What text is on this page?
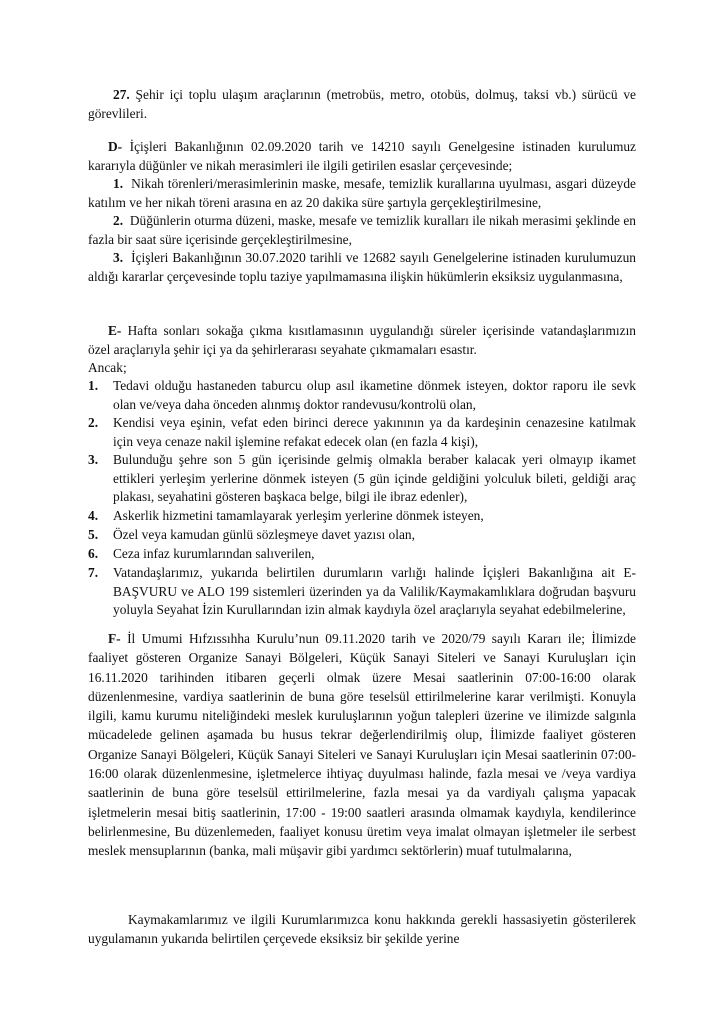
27. Şehir içi toplu ulaşım araçlarının (metrobüs, metro, otobüs, dolmuş, taksi vb.) sürücü ve görevlileri.

D- İçişleri Bakanlığının 02.09.2020 tarih ve 14210 sayılı Genelgesine istinaden kurulumuz kararıyla düğünler ve nikah merasimleri ile ilgili getirilen esaslar çerçevesinde;

1. Nikah törenleri/merasimlerinin maske, mesafe, temizlik kurallarına uyulması, asgari düzeyde katılım ve her nikah töreni arasına en az 20 dakika süre şartıyla gerçekleştirilmesine,

2. Düğünlerin oturma düzeni, maske, mesafe ve temizlik kuralları ile nikah merasimi şeklinde en fazla bir saat süre içerisinde gerçekleştirilmesine,

3. İçişleri Bakanlığının 30.07.2020 tarihli ve 12682 sayılı Genelgelerine istinaden kurulumuzun aldığı kararlar çerçevesinde toplu taziye yapılmamasına ilişkin hükümlerin eksiksiz uygulanmasına,

E- Hafta sonları sokağa çıkma kısıtlamasının uygulandığı süreler içerisinde vatandaşlarımızın özel araçlarıyla şehir içi ya da şehirlerarası seyahate çıkmamaları esastır.
Ancak;

1. Tedavi olduğu hastaneden taburcu olup asıl ikametine dönmek isteyen, doktor raporu ile sevk olan ve/veya daha önceden alınmış doktor randevusu/kontrolü olan,

2. Kendisi veya eşinin, vefat eden birinci derece yakınının ya da kardeşinin cenazesine katılmak için veya cenaze nakil işlemine refakat edecek olan (en fazla 4 kişi),

3. Bulunduğu şehre son 5 gün içerisinde gelmiş olmakla beraber kalacak yeri olmayıp ikamet ettikleri yerleşim yerlerine dönmek isteyen (5 gün içinde geldiğini yolculuk bileti, geldiği araç plakası, seyahatini gösteren başkaca belge, bilgi ile ibraz edenler),

4. Askerlik hizmetini tamamlayarak yerleşim yerlerine dönmek isteyen,

5. Özel veya kamudan günlü sözleşmeye davet yazısı olan,

6. Ceza infaz kurumlarından salıverilen,

7. Vatandaşlarımız, yukarıda belirtilen durumların varlığı halinde İçişleri Bakanlığına ait E-BAŞVURU ve ALO 199 sistemleri üzerinden ya da Valilik/Kaymakamlıklara doğrudan başvuru yoluyla Seyahat İzin Kurullarından izin almak kaydıyla özel araçlarıyla seyahat edebilmelerine,

F- İl Umumi Hıfzıssıhha Kurulu’nun 09.11.2020 tarih ve 2020/79 sayılı Kararı ile; İlimizde faaliyet gösteren Organize Sanayi Bölgeleri, Küçük Sanayi Siteleri ve Sanayi Kuruluşları için 16.11.2020 tarihinden itibaren geçerli olmak üzere Mesai saatlerinin 07:00-16:00 olarak düzenlenmesine, vardiya saatlerinin de buna göre teselsül ettirilmelerine karar verilmişti. Konuyla ilgili, kamu kurumu niteliğindeki meslek kuruluşlarının yoğun talepleri üzerine ve ilimizde salgınla mücadelede gelinen aşamada bu husus tekrar değerlendirilmiş olup, İlimizde faaliyet gösteren Organize Sanayi Bölgeleri, Küçük Sanayi Siteleri ve Sanayi Kuruluşları için Mesai saatlerinin 07:00- 16:00 olarak düzenlenmesine, işletmelerce ihtiyaç duyulması halinde, fazla mesai ve /veya vardiya saatlerinin de buna göre teselsül ettirilmelerine, fazla mesai ya da vardiyalı çalışma yapacak işletmelerin mesai bitiş saatlerinin, 17:00 - 19:00 saatleri arasında olmamak kaydıyla, kendilerince belirlenmesine, Bu düzenlemeden, faaliyet konusu üretim veya imalat olmayan işletmeler ile serbest meslek mensuplarının (banka, mali müşavir gibi yardımcı sektörlerin) muaf tutulmalarına,

Kaymakamlarımız ve ilgili Kurumlarımızca konu hakkında gerekli hassasiyetin gösterilerek uygulamanın yukarıda belirtilen çerçevede eksiksiz bir şekilde yerine
